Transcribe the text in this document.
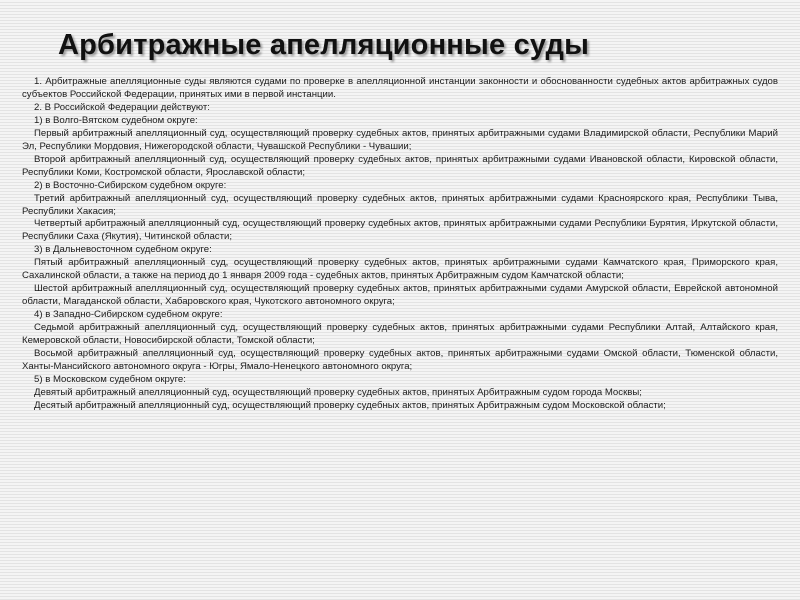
Арбитражные апелляционные суды

1. Арбитражные апелляционные суды являются судами по проверке в апелляционной инстанции законности и обоснованности судебных актов арбитражных судов субъектов Российской Федерации, принятых ими в первой инстанции.

2. В Российской Федерации действуют:

1) в Волго-Вятском судебном округе:

Первый арбитражный апелляционный суд, осуществляющий проверку судебных актов, принятых арбитражными судами Владимирской области, Республики Марий Эл, Республики Мордовия, Нижегородской области, Чувашской Республики - Чувашии;

Второй арбитражный апелляционный суд, осуществляющий проверку судебных актов, принятых арбитражными судами Ивановской области, Кировской области, Республики Коми, Костромской области, Ярославской области;

2) в Восточно-Сибирском судебном округе:

Третий арбитражный апелляционный суд, осуществляющий проверку судебных актов, принятых арбитражными судами Красноярского края, Республики Тыва, Республики Хакасия;

Четвертый арбитражный апелляционный суд, осуществляющий проверку судебных актов, принятых арбитражными судами Республики Бурятия, Иркутской области, Республики Саха (Якутия), Читинской области;

3) в Дальневосточном судебном округе:

Пятый арбитражный апелляционный суд, осуществляющий проверку судебных актов, принятых арбитражными судами Камчатского края, Приморского края, Сахалинской области, а также на период до 1 января 2009 года - судебных актов, принятых Арбитражным судом Камчатской области;

Шестой арбитражный апелляционный суд, осуществляющий проверку судебных актов, принятых арбитражными судами Амурской области, Еврейской автономной области, Магаданской области, Хабаровского края, Чукотского автономного округа;

4) в Западно-Сибирском судебном округе:

Седьмой арбитражный апелляционный суд, осуществляющий проверку судебных актов, принятых арбитражными судами Республики Алтай, Алтайского края, Кемеровской области, Новосибирской области, Томской области;

Восьмой арбитражный апелляционный суд, осуществляющий проверку судебных актов, принятых арбитражными судами Омской области, Тюменской области, Ханты-Мансийского автономного округа - Югры, Ямало-Ненецкого автономного округа;

5) в Московском судебном округе:

Девятый арбитражный апелляционный суд, осуществляющий проверку судебных актов, принятых Арбитражным судом города Москвы;

Десятый арбитражный апелляционный суд, осуществляющий проверку судебных актов, принятых Арбитражным судом Московской области;
